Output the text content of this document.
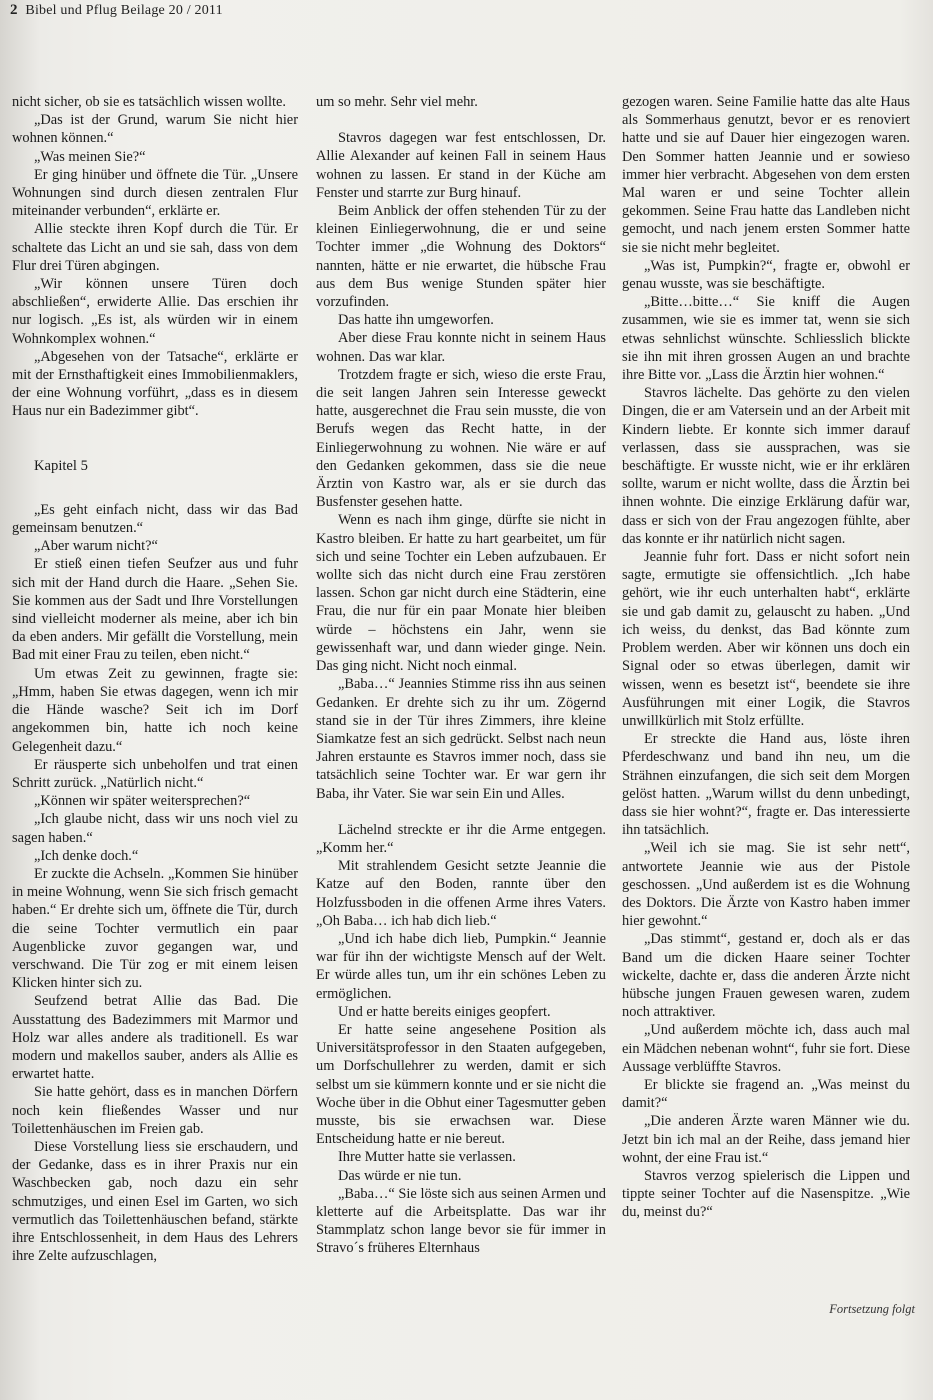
2 Bibel und Pflug Beilage 20 / 2011

nicht sicher, ob sie es tatsächlich wissen wollte.

„Das ist der Grund, warum Sie nicht hier wohnen können.“

„Was meinen Sie?“

Er ging hinüber und öffnete die Tür. „Unsere Wohnungen sind durch diesen zentralen Flur miteinander verbunden“, erklärte er.

Allie steckte ihren Kopf durch die Tür. Er schaltete das Licht an und sie sah, dass von dem Flur drei Türen abgingen.

„Wir können unsere Türen doch abschließen“, erwiderte Allie. Das erschien ihr nur logisch. „Es ist, als würden wir in einem Wohnkomplex wohnen.“

„Abgesehen von der Tatsache“, erklärte er mit der Ernsthaftigkeit eines Immobilienmaklers, der eine Wohnung vorführt, „dass es in diesem Haus nur ein Badezimmer gibt“.

Kapitel 5

„Es geht einfach nicht, dass wir das Bad gemeinsam benutzen.“

„Aber warum nicht?“

Er stieß einen tiefen Seufzer aus und fuhr sich mit der Hand durch die Haare. „Sehen Sie. Sie kommen aus der Sadt und Ihre Vorstellungen sind vielleicht moderner als meine, aber ich bin da eben anders. Mir gefällt die Vorstellung, mein Bad mit einer Frau zu teilen, eben nicht.“

Um etwas Zeit zu gewinnen, fragte sie: „Hmm, haben Sie etwas dagegen, wenn ich mir die Hände wasche? Seit ich im Dorf angekommen bin, hatte ich noch keine Gelegenheit dazu.“

Er räusperte sich unbeholfen und trat einen Schritt zurück. „Natürlich nicht.“

„Können wir später weitersprechen?“

„Ich glaube nicht, dass wir uns noch viel zu sagen haben.“

„Ich denke doch.“

Er zuckte die Achseln. „Kommen Sie hinüber in meine Wohnung, wenn Sie sich frisch gemacht haben.“ Er drehte sich um, öffnete die Tür, durch die seine Tochter vermutlich ein paar Augenblicke zuvor gegangen war, und verschwand. Die Tür zog er mit einem leisen Klicken hinter sich zu.

Seufzend betrat Allie das Bad. Die Ausstattung des Badezimmers mit Marmor und Holz war alles andere als traditionell. Es war modern und makellos sauber, anders als Allie es erwartet hatte.

Sie hatte gehört, dass es in manchen Dörfern noch kein fließendes Wasser und nur Toilettenhäuschen im Freien gab.

Diese Vorstellung liess sie erschaudern, und der Gedanke, dass es in ihrer Praxis nur ein Waschbecken gab, noch dazu ein sehr schmutziges, und einen Esel im Garten, wo sich vermutlich das Toilettenhäuschen befand, stärkte ihre Entschlossenheit, in dem Haus des Lehrers ihre Zelte aufzuschlagen,

um so mehr. Sehr viel mehr.

Stavros dagegen war fest entschlossen, Dr. Allie Alexander auf keinen Fall in seinem Haus wohnen zu lassen. Er stand in der Küche am Fenster und starrte zur Burg hinauf.

Beim Anblick der offen stehenden Tür zu der kleinen Einliegerwohnung, die er und seine Tochter immer „die Wohnung des Doktors“ nannten, hätte er nie erwartet, die hübsche Frau aus dem Bus wenige Stunden später hier vorzufinden.

Das hatte ihn umgeworfen.

Aber diese Frau konnte nicht in seinem Haus wohnen. Das war klar.

Trotzdem fragte er sich, wieso die erste Frau, die seit langen Jahren sein Interesse geweckt hatte, ausgerechnet die Frau sein musste, die von Berufs wegen das Recht hatte, in der Einliegerwohnung zu wohnen. Nie wäre er auf den Gedanken gekommen, dass sie die neue Ärztin von Kastro war, als er sie durch das Busfenster gesehen hatte.

Wenn es nach ihm ginge, dürfte sie nicht in Kastro bleiben. Er hatte zu hart gearbeitet, um für sich und seine Tochter ein Leben aufzubauen. Er wollte sich das nicht durch eine Frau zerstören lassen. Schon gar nicht durch eine Städterin, eine Frau, die nur für ein paar Monate hier bleiben würde – höchstens ein Jahr, wenn sie gewissenhaft war, und dann wieder ginge. Nein. Das ging nicht. Nicht noch einmal.

„Baba…“ Jeannies Stimme riss ihn aus seinen Gedanken. Er drehte sich zu ihr um. Zögernd stand sie in der Tür ihres Zimmers, ihre kleine Siamkatze fest an sich gedrückt. Selbst nach neun Jahren erstaunte es Stavros immer noch, dass sie tatsächlich seine Tochter war. Er war gern ihr Baba, ihr Vater. Sie war sein Ein und Alles.

Lächelnd streckte er ihr die Arme entgegen. „Komm her.“

Mit strahlendem Gesicht setzte Jeannie die Katze auf den Boden, rannte über den Holzfussboden in die offenen Arme ihres Vaters. „Oh Baba… ich hab dich lieb.“

„Und ich habe dich lieb, Pumpkin.“ Jeannie war für ihn der wichtigste Mensch auf der Welt. Er würde alles tun, um ihr ein schönes Leben zu ermöglichen.

Und er hatte bereits einiges geopfert.

Er hatte seine angesehene Position als Universitätsprofessor in den Staaten aufgegeben, um Dorfschullehrer zu werden, damit er sich selbst um sie kümmern konnte und er sie nicht die Woche über in die Obhut einer Tagesmutter geben musste, bis sie erwachsen war. Diese Entscheidung hatte er nie bereut.

Ihre Mutter hatte sie verlassen.

Das würde er nie tun.

„Baba…“ Sie löste sich aus seinen Armen und kletterte auf die Arbeitsplatte. Das war ihr Stammplatz schon lange bevor sie für immer in Stravo´s früheres Elternhaus

gezogen waren. Seine Familie hatte das alte Haus als Sommerhaus genutzt, bevor er es renoviert hatte und sie auf Dauer hier eingezogen waren. Den Sommer hatten Jeannie und er sowieso immer hier verbracht. Abgesehen von dem ersten Mal waren er und seine Tochter allein gekommen. Seine Frau hatte das Landleben nicht gemocht, und nach jenem ersten Sommer hatte sie sie nicht mehr begleitet.

„Was ist, Pumpkin?“, fragte er, obwohl er genau wusste, was sie beschäftigte.

„Bitte…bitte…“ Sie kniff die Augen zusammen, wie sie es immer tat, wenn sie sich etwas sehnlichst wünschte. Schliesslich blickte sie ihn mit ihren grossen Augen an und brachte ihre Bitte vor. „Lass die Ärztin hier wohnen.“

Stavros lächelte. Das gehörte zu den vielen Dingen, die er am Vatersein und an der Arbeit mit Kindern liebte. Er konnte sich immer darauf verlassen, dass sie aussprachen, was sie beschäftigte. Er wusste nicht, wie er ihr erklären sollte, warum er nicht wollte, dass die Ärztin bei ihnen wohnte. Die einzige Erklärung dafür war, dass er sich von der Frau angezogen fühlte, aber das konnte er ihr natürlich nicht sagen.

Jeannie fuhr fort. Dass er nicht sofort nein sagte, ermutigte sie offensichtlich. „Ich habe gehört, wie ihr euch unterhalten habt“, erklärte sie und gab damit zu, gelauscht zu haben. „Und ich weiss, du denkst, das Bad könnte zum Problem werden. Aber wir können uns doch ein Signal oder so etwas überlegen, damit wir wissen, wenn es besetzt ist“, beendete sie ihre Ausführungen mit einer Logik, die Stavros unwillkürlich mit Stolz erfüllte.

Er streckte die Hand aus, löste ihren Pferdeschwanz und band ihn neu, um die Strähnen einzufangen, die sich seit dem Morgen gelöst hatten. „Warum willst du denn unbedingt, dass sie hier wohnt?“, fragte er. Das interessierte ihn tatsächlich.

„Weil ich sie mag. Sie ist sehr nett“, antwortete Jeannie wie aus der Pistole geschossen. „Und außerdem ist es die Wohnung des Doktors. Die Ärzte von Kastro haben immer hier gewohnt.“

„Das stimmt“, gestand er, doch als er das Band um die dicken Haare seiner Tochter wickelte, dachte er, dass die anderen Ärzte nicht hübsche jungen Frauen gewesen waren, zudem noch attraktiver.

„Und außerdem möchte ich, dass auch mal ein Mädchen nebenan wohnt“, fuhr sie fort. Diese Aussage verblüffte Stavros.

Er blickte sie fragend an. „Was meinst du damit?“

„Die anderen Ärzte waren Männer wie du. Jetzt bin ich mal an der Reihe, dass jemand hier wohnt, der eine Frau ist.“

Stavros verzog spielerisch die Lippen und tippte seiner Tochter auf die Nasenspitze. „Wie du, meinst du?“

Fortsetzung folgt
